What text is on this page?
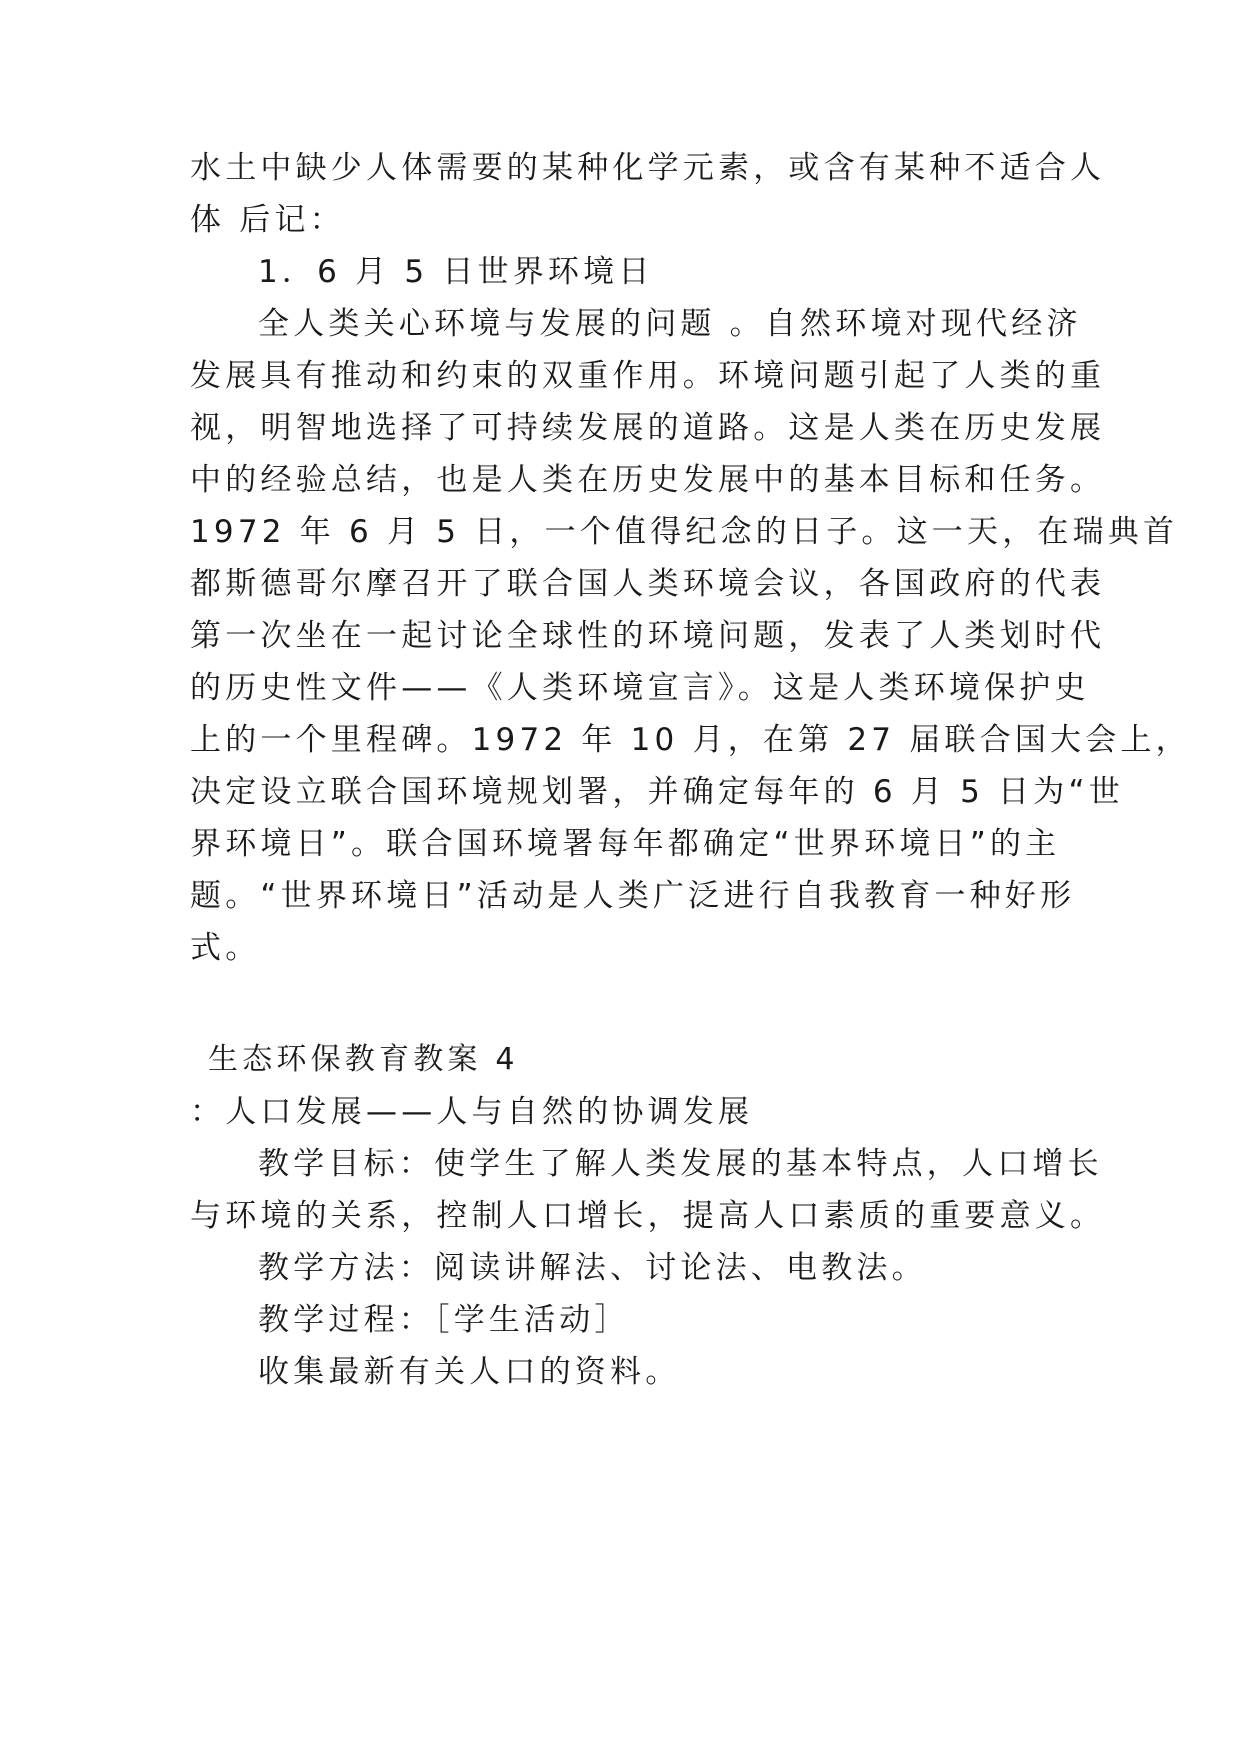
水土中缺少人体需要的某种化学元素，或含有某种不适合人
体 后记：
1．6 月 5 日世界环境日
全人类关心环境与发展的问题 。自然环境对现代经济
发展具有推动和约束的双重作用。环境问题引起了人类的重
视，明智地选择了可持续发展的道路。这是人类在历史发展
中的经验总结，也是人类在历史发展中的基本目标和任务。
1972 年 6 月 5 日，一个值得纪念的日子。这一天，在瑞典首
都斯德哥尔摩召开了联合国人类环境会议，各国政府的代表
第一次坐在一起讨论全球性的环境问题，发表了人类划时代
的历史性文件——《人类环境宣言》。这是人类环境保护史
上的一个里程碑。1972 年 10 月，在第 27 届联合国大会上，
决定设立联合国环境规划署，并确定每年的 6 月 5 日为“世
界环境日”。联合国环境署每年都确定“世界环境日”的主
题。“世界环境日”活动是人类广泛进行自我教育一种好形
式。
生态环保教育教案 4
：人口发展——人与自然的协调发展
教学目标：使学生了解人类发展的基本特点，人口增长
与环境的关系，控制人口增长，提高人口素质的重要意义。
教学方法：阅读讲解法、讨论法、电教法。
教学过程：［学生活动］
收集最新有关人口的资料。
